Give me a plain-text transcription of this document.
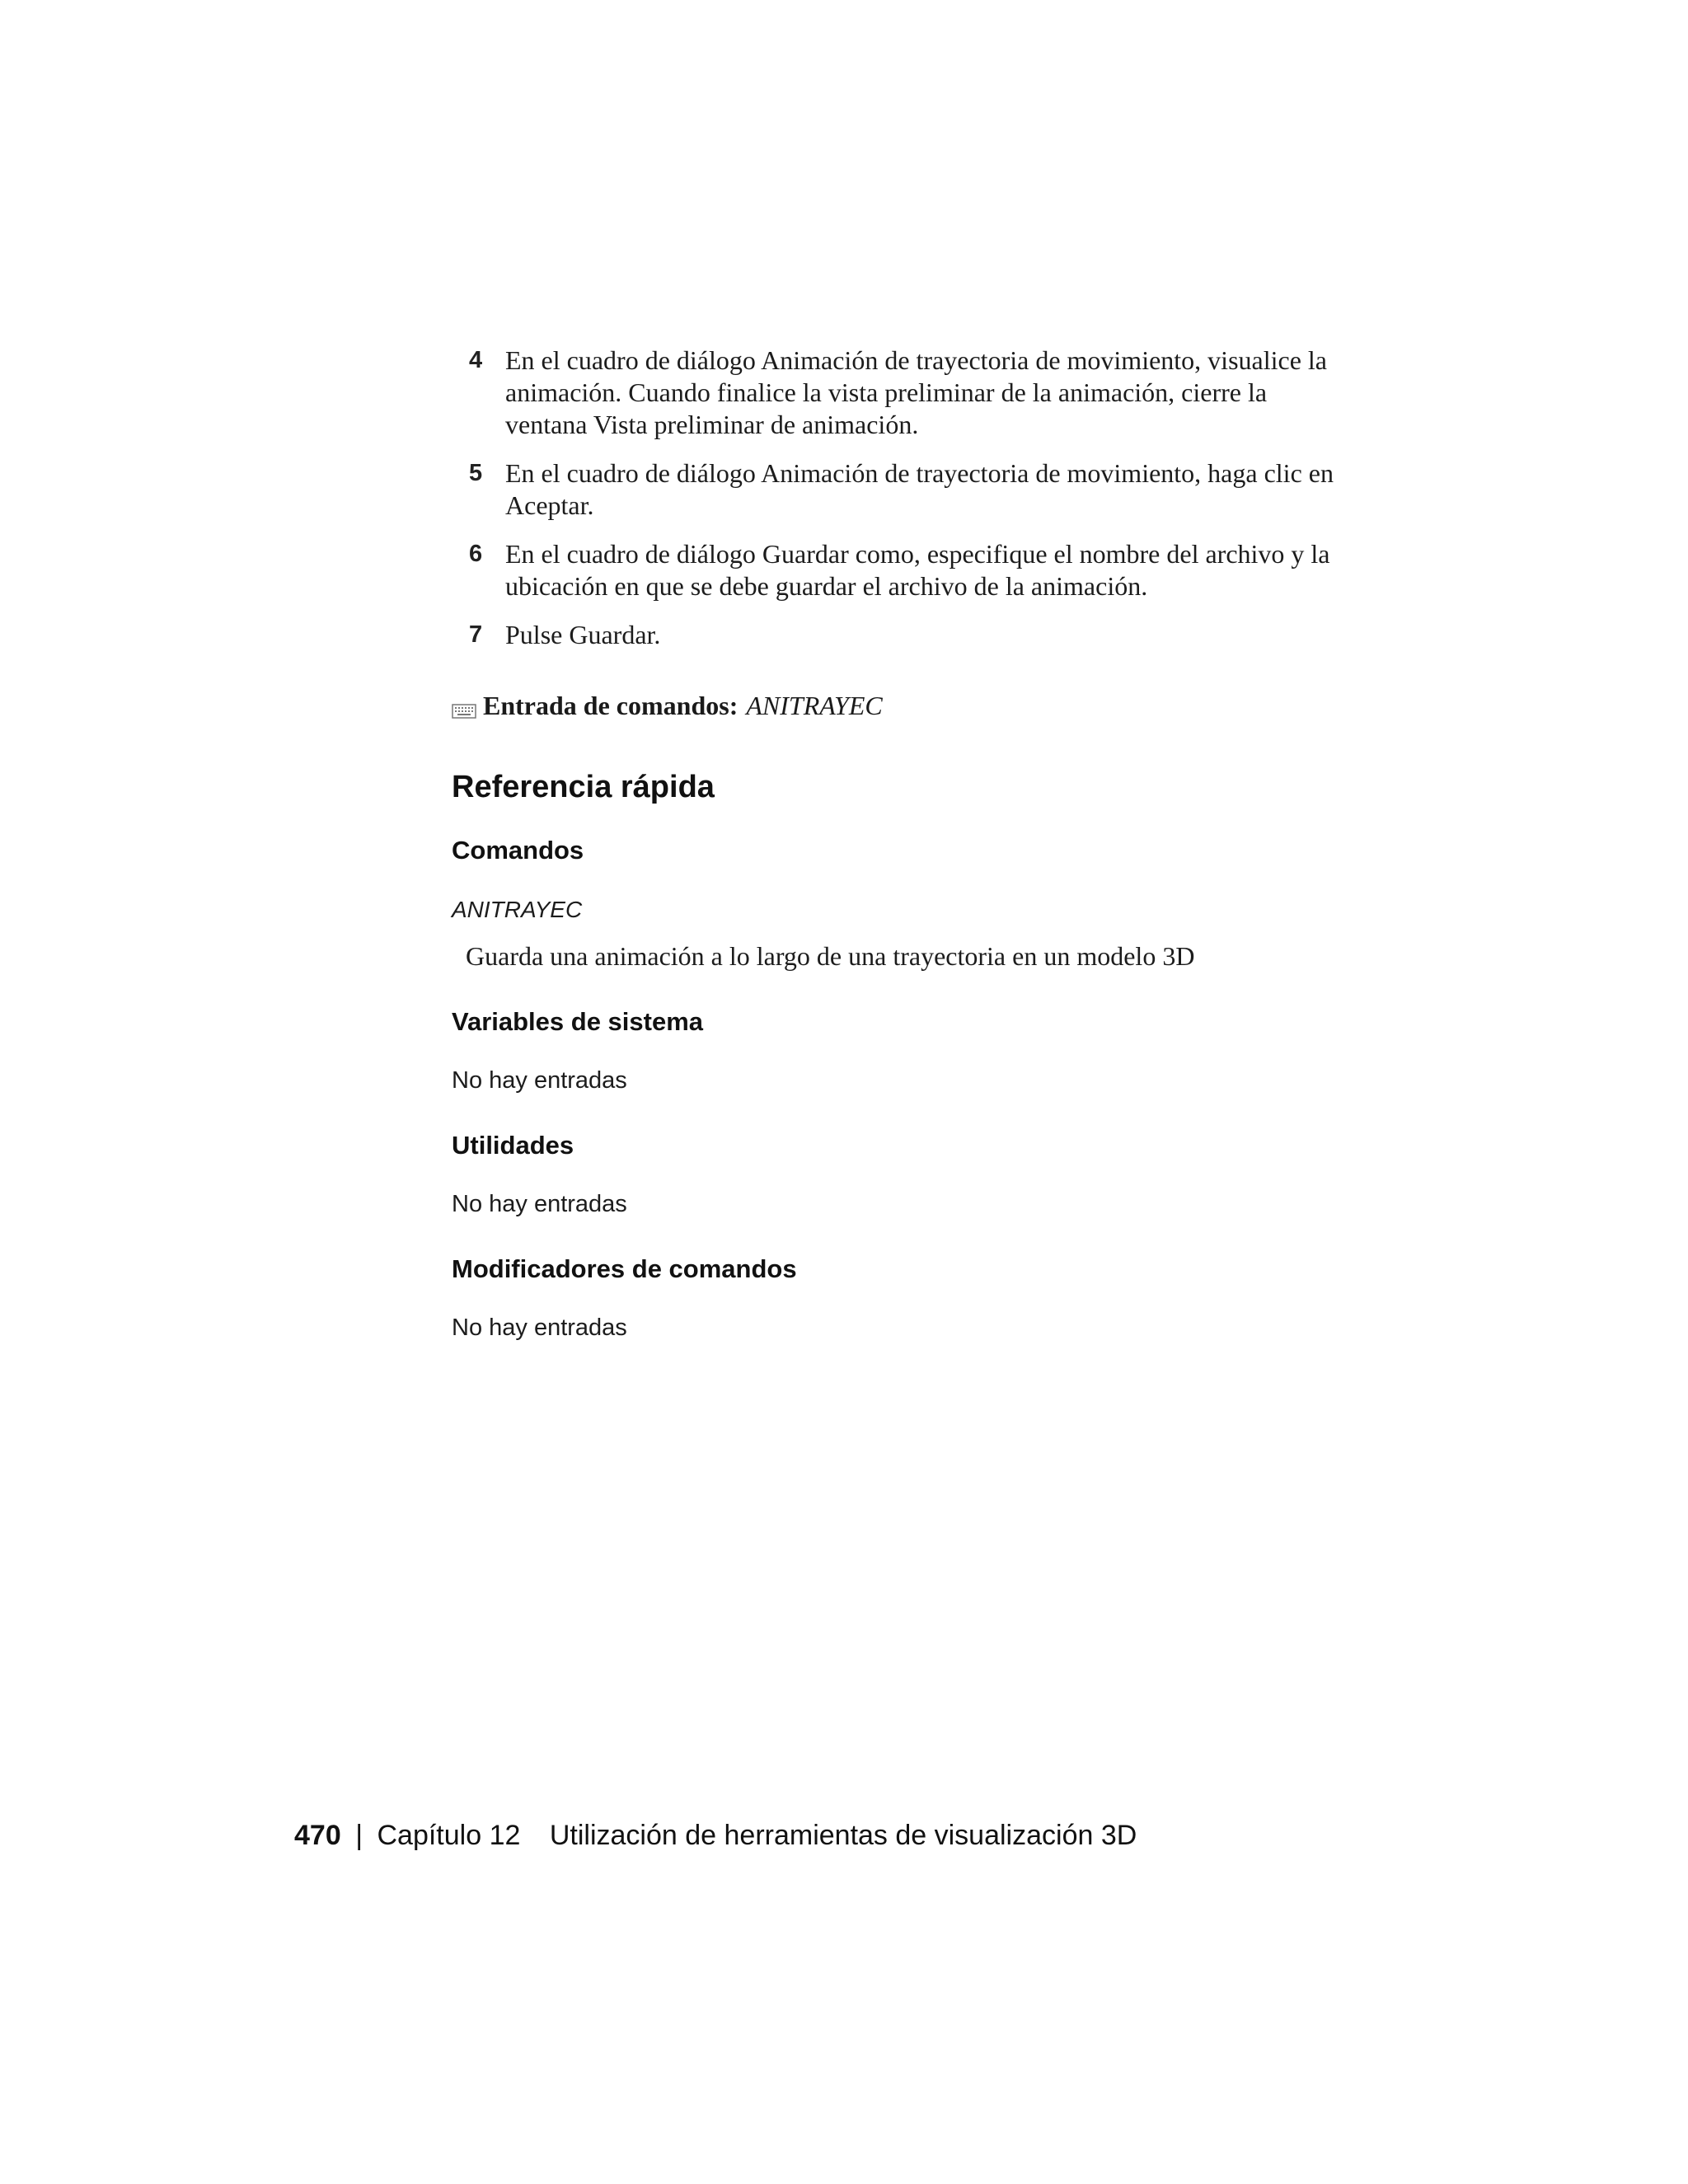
4 En el cuadro de diálogo Animación de trayectoria de movimiento, visualice la animación. Cuando finalice la vista preliminar de la animación, cierre la ventana Vista preliminar de animación.
5 En el cuadro de diálogo Animación de trayectoria de movimiento, haga clic en Aceptar.
6 En el cuadro de diálogo Guardar como, especifique el nombre del archivo y la ubicación en que se debe guardar el archivo de la animación.
7 Pulse Guardar.
Entrada de comandos: ANITRAYEC
Referencia rápida
Comandos
ANITRAYEC
Guarda una animación a lo largo de una trayectoria en un modelo 3D
Variables de sistema
No hay entradas
Utilidades
No hay entradas
Modificadores de comandos
No hay entradas
470 | Capítulo 12 Utilización de herramientas de visualización 3D
